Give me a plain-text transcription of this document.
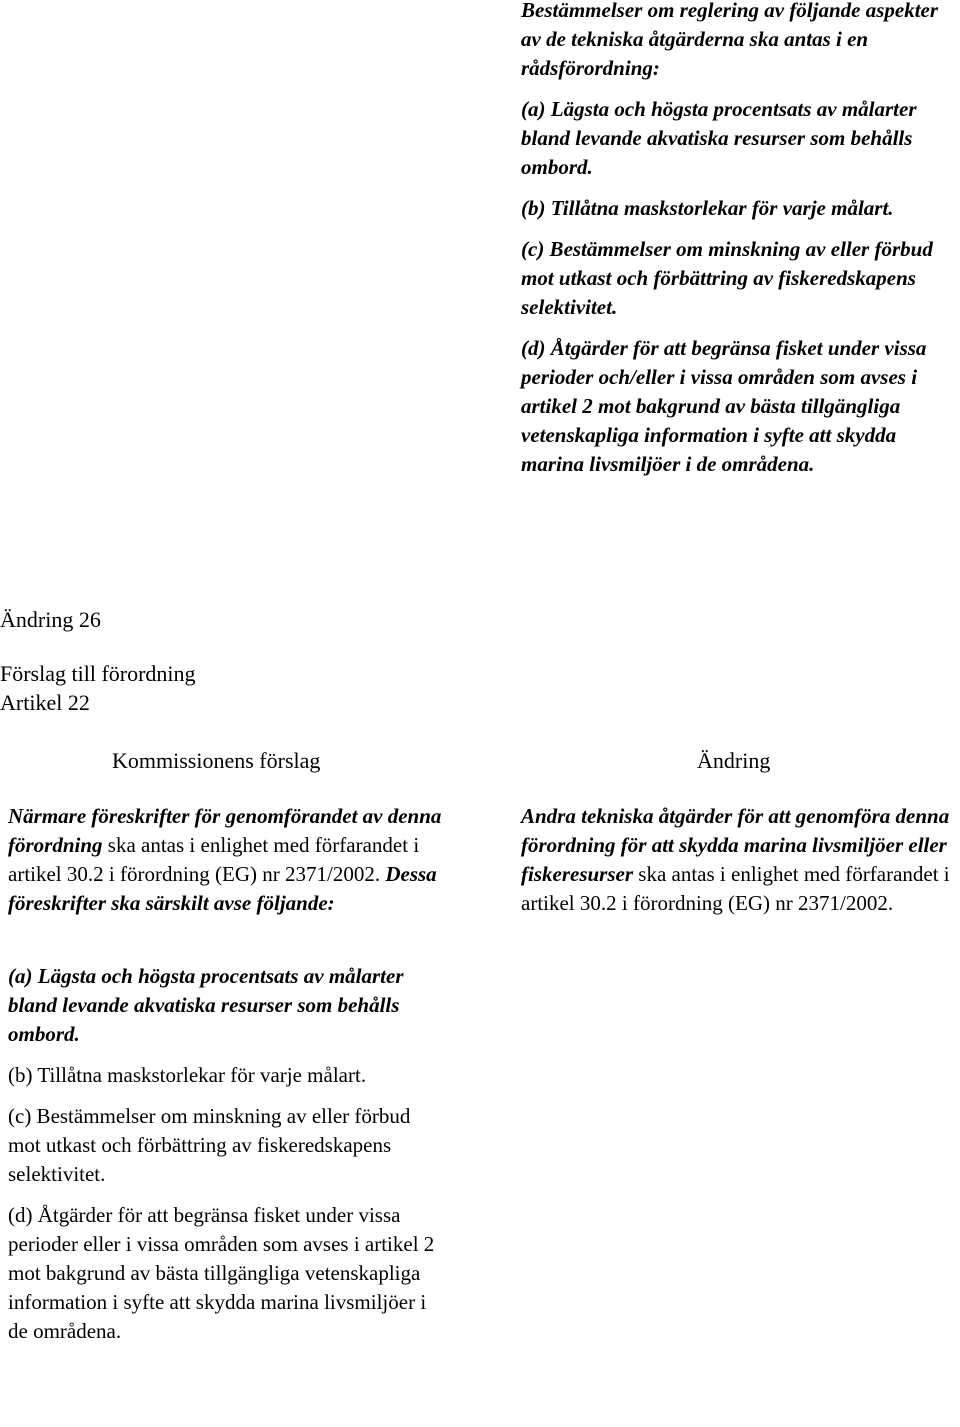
Bestämmelser om reglering av följande aspekter av de tekniska åtgärderna ska antas i en rådsförordning:

(a) Lägsta och högsta procentsats av målarter bland levande akvatiska resurser som behålls ombord.

(b) Tillåtna maskstorlekar för varje målart.

(c) Bestämmelser om minskning av eller förbud mot utkast och förbättring av fiskeredskapens selektivitet.

(d) Åtgärder för att begränsa fisket under vissa perioder och/eller i vissa områden som avses i artikel 2 mot bakgrund av bästa tillgängliga vetenskapliga information i syfte att skydda marina livsmiljöer i de områdena.

Ändring 26
Förslag till förordning
Artikel 22
Kommissionens förslag	Ändring

Närmare föreskrifter för genomförandet av denna förordning ska antas i enlighet med förfarandet i artikel 30.2 i förordning (EG) nr 2371/2002. Dessa föreskrifter ska särskilt avse följande:

(a) Lägsta och högsta procentsats av målarter bland levande akvatiska resurser som behålls ombord.

(b) Tillåtna maskstorlekar för varje målart.

(c) Bestämmelser om minskning av eller förbud mot utkast och förbättring av fiskeredskapens selektivitet.

(d) Åtgärder för att begränsa fisket under vissa perioder eller i vissa områden som avses i artikel 2 mot bakgrund av bästa tillgängliga vetenskapliga information i syfte att skydda marina livsmiljöer i de områdena.

Andra tekniska åtgärder för att genomföra denna förordning för att skydda marina livsmiljöer eller fiskeresurser ska antas i enlighet med förfarandet i artikel 30.2 i förordning (EG) nr 2371/2002.
